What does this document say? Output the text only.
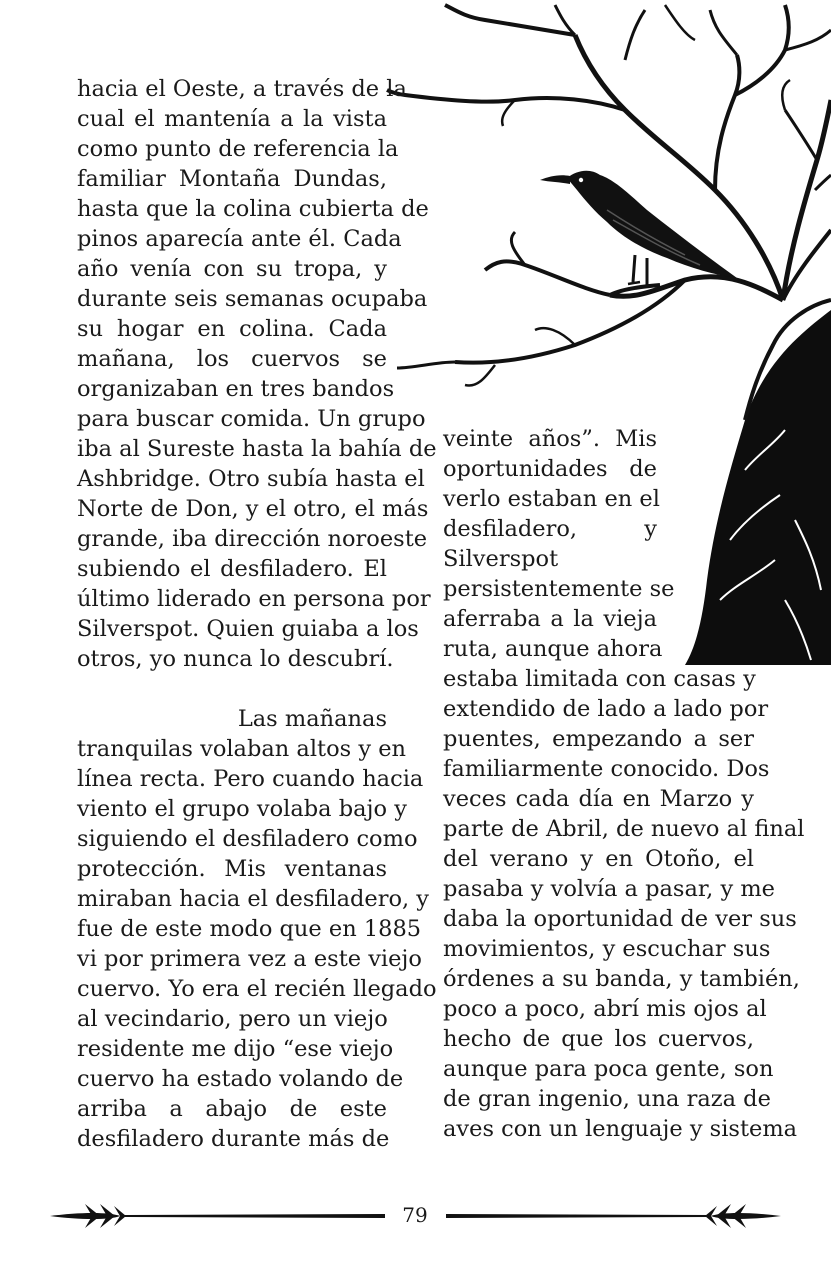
hacia el Oeste, a través de la
cual el mantenía a la vista
como punto de referencia la
familiar Montaña Dundas,
hasta que la colina cubierta de
pinos aparecía ante él. Cada
año venía con su tropa, y
durante seis semanas ocupaba
su hogar en colina. Cada
mañana, los cuervos se
organizaban en tres bandos
para buscar comida. Un grupo
iba al Sureste hasta la bahía de
Ashbridge. Otro subía hasta el
Norte de Don, y el otro, el más
grande, iba dirección noroeste
subiendo el desfiladero. El
último liderado en persona por
Silverspot. Quien guiaba a los
otros, yo nunca lo descubrí.
Las mañanas
tranquilas volaban altos y en
línea recta. Pero cuando hacia
viento el grupo volaba bajo y
siguiendo el desfiladero como
protección. Mis ventanas
miraban hacia el desfiladero, y
fue de este modo que en 1885
vi por primera vez a este viejo
cuervo. Yo era el recién llegado
al vecindario, pero un viejo
residente me dijo “ese viejo
cuervo ha estado volando de
arriba a abajo de este
desfiladero durante más de
veinte años”. Mis
oportunidades de
verlo estaban en el
desfiladero, y
Silverspot
persistentemente se
aferraba a la vieja
ruta, aunque ahora
estaba limitada con casas y
extendido de lado a lado por
puentes, empezando a ser
familiarmente conocido. Dos
veces cada día en Marzo y
parte de Abril, de nuevo al final
del verano y en Otoño, el
pasaba y volvía a pasar, y me
daba la oportunidad de ver sus
movimientos, y escuchar sus
órdenes a su banda, y también,
poco a poco, abrí mis ojos al
hecho de que los cuervos,
aunque para poca gente, son
de gran ingenio, una raza de
aves con un lenguaje y sistema
79
